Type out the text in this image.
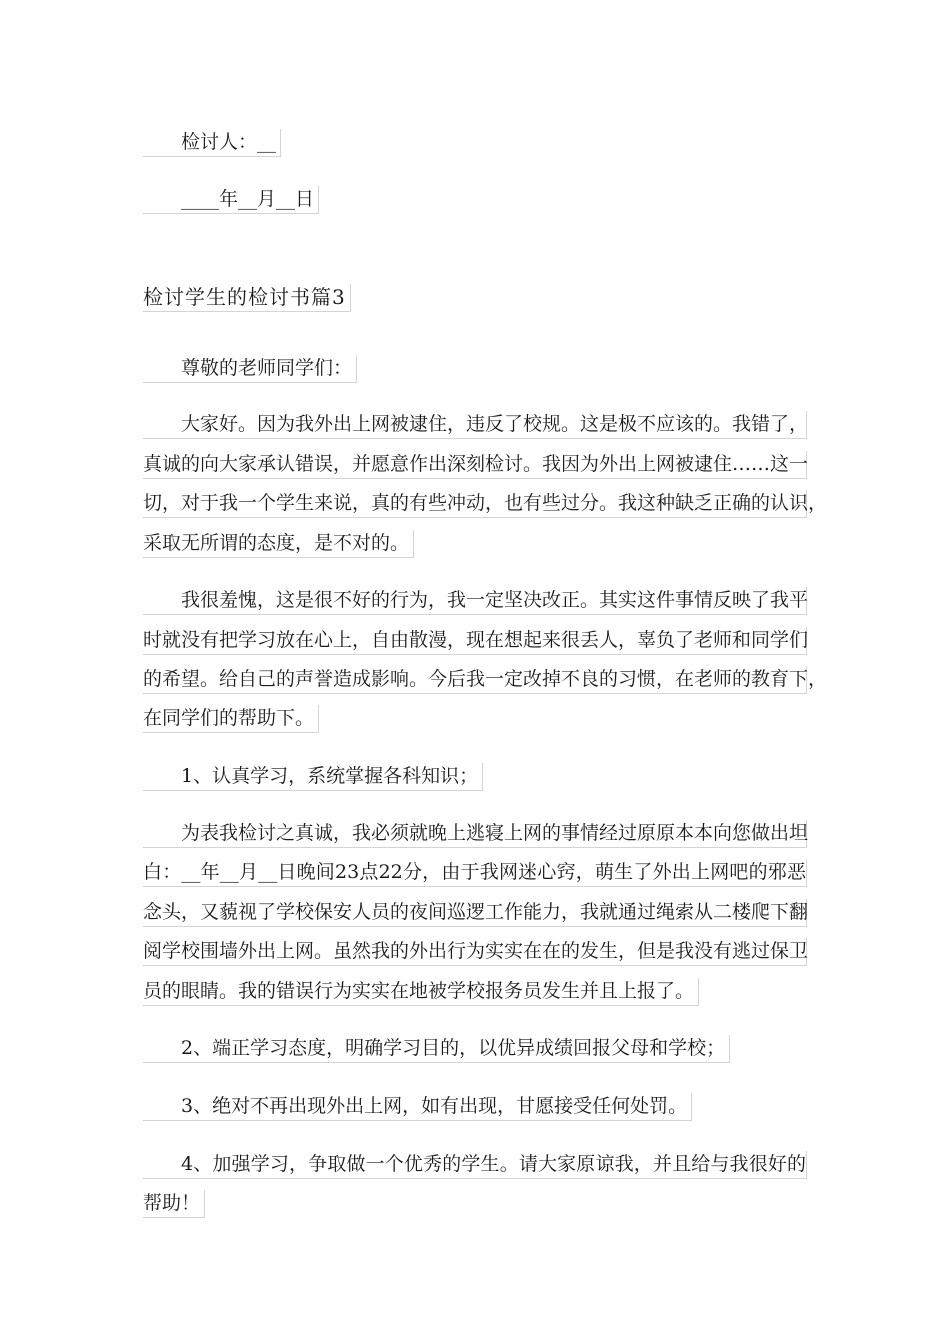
检讨人：__
____年__月__日
检讨学生的检讨书篇3
尊敬的老师同学们：
大家好。因为我外出上网被逮住，违反了校规。这是极不应该的。我错了，
真诚的向大家承认错误，并愿意作出深刻检讨。我因为外出上网被逮住……这一
切，对于我一个学生来说，真的有些冲动，也有些过分。我这种缺乏正确的认识，
采取无所谓的态度，是不对的。
我很羞愧，这是很不好的行为，我一定坚决改正。其实这件事情反映了我平
时就没有把学习放在心上，自由散漫，现在想起来很丢人，辜负了老师和同学们
的希望。给自己的声誉造成影响。今后我一定改掉不良的习惯，在老师的教育下，
在同学们的帮助下。
1、认真学习，系统掌握各科知识；
为表我检讨之真诚，我必须就晚上逃寝上网的事情经过原原本本向您做出坦
白：__年__月__日晚间23点22分，由于我网迷心窍，萌生了外出上网吧的邪恶
念头，又藐视了学校保安人员的夜间巡逻工作能力，我就通过绳索从二楼爬下翻
阅学校围墙外出上网。虽然我的外出行为实实在在的发生，但是我没有逃过保卫
员的眼睛。我的错误行为实实在地被学校报务员发生并且上报了。
2、端正学习态度，明确学习目的，以优异成绩回报父母和学校；
3、绝对不再出现外出上网，如有出现，甘愿接受任何处罚。
4、加强学习，争取做一个优秀的学生。请大家原谅我，并且给与我很好的
帮助！
